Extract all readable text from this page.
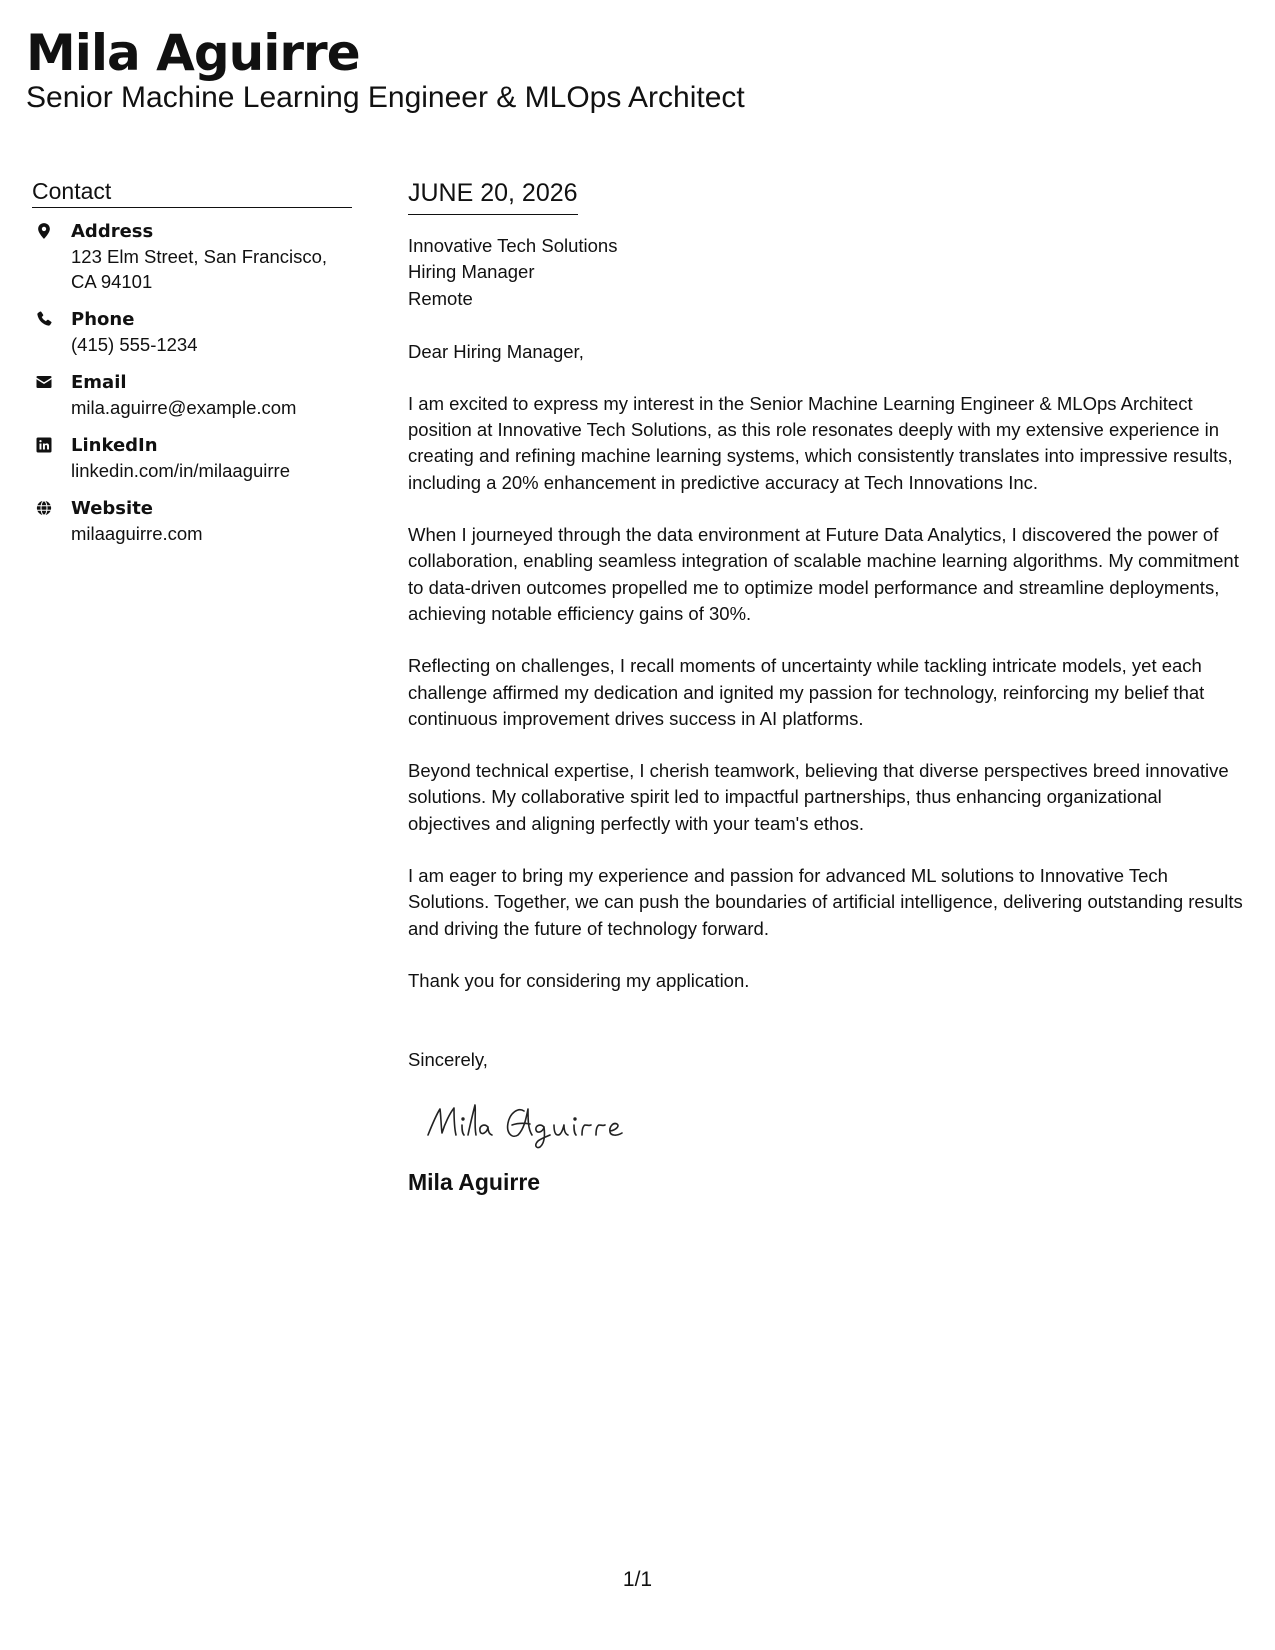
Mila Aguirre
Senior Machine Learning Engineer & MLOps Architect
Contact
Address
123 Elm Street, San Francisco, CA 94101
Phone
(415) 555-1234
Email
mila.aguirre@example.com
LinkedIn
linkedin.com/in/milaaguirre
Website
milaaguirre.com
JUNE 20, 2026
Innovative Tech Solutions
Hiring Manager
Remote
Dear Hiring Manager,

I am excited to express my interest in the Senior Machine Learning Engineer & MLOps Architect position at Innovative Tech Solutions, as this role resonates deeply with my extensive experience in creating and refining machine learning systems, which consistently translates into impressive results, including a 20% enhancement in predictive accuracy at Tech Innovations Inc.

When I journeyed through the data environment at Future Data Analytics, I discovered the power of collaboration, enabling seamless integration of scalable machine learning algorithms. My commitment to data-driven outcomes propelled me to optimize model performance and streamline deployments, achieving notable efficiency gains of 30%.

Reflecting on challenges, I recall moments of uncertainty while tackling intricate models, yet each challenge affirmed my dedication and ignited my passion for technology, reinforcing my belief that continuous improvement drives success in AI platforms.

Beyond technical expertise, I cherish teamwork, believing that diverse perspectives breed innovative solutions. My collaborative spirit led to impactful partnerships, thus enhancing organizational objectives and aligning perfectly with your team's ethos.

I am eager to bring my experience and passion for advanced ML solutions to Innovative Tech Solutions. Together, we can push the boundaries of artificial intelligence, delivering outstanding results and driving the future of technology forward.

Thank you for considering my application.

Sincerely,
Mila Aguirre
1/1
